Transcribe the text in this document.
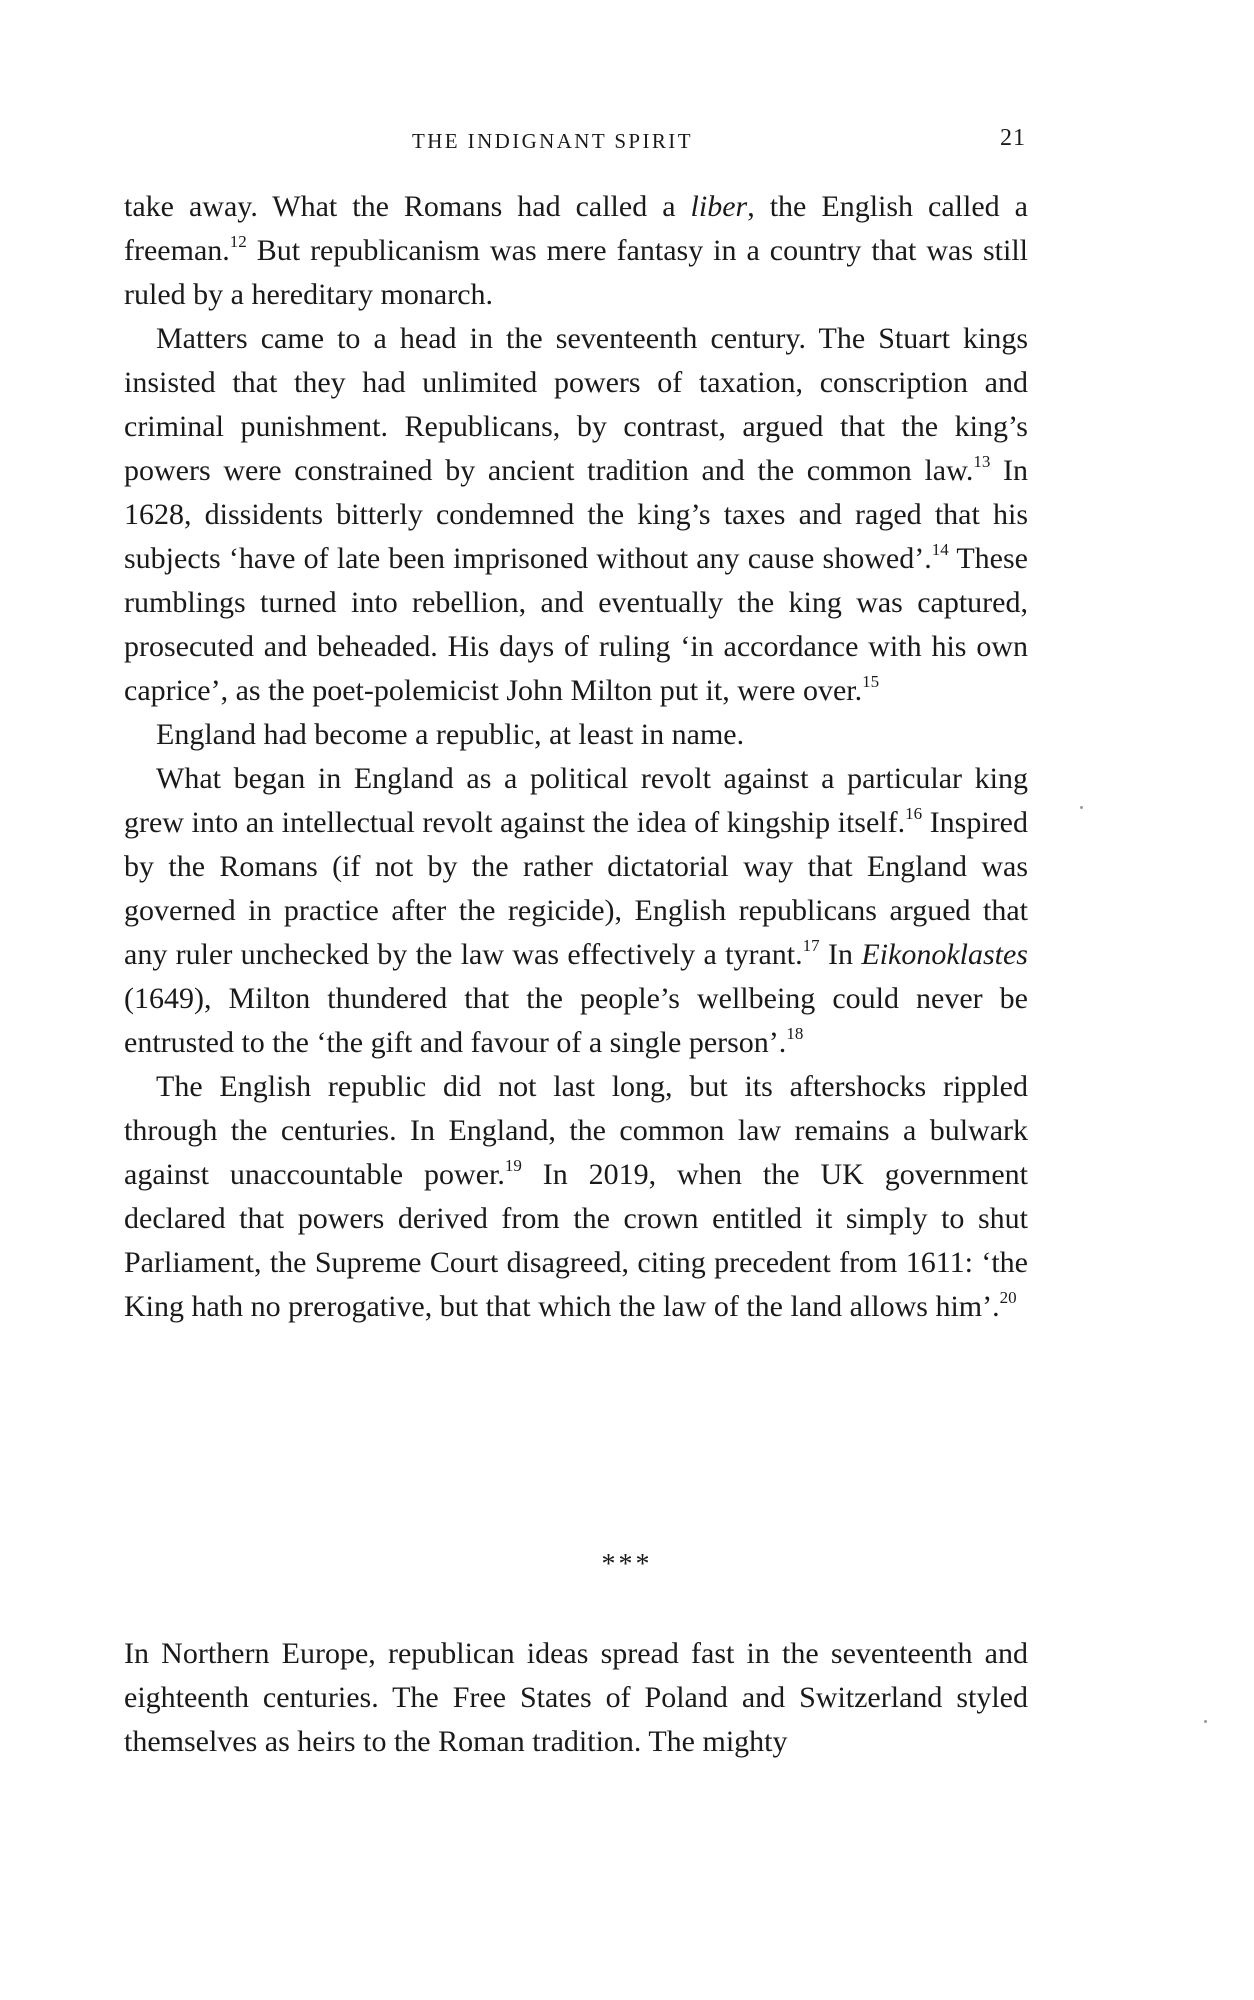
THE INDIGNANT SPIRIT	21

take away. What the Romans had called a liber, the English called a freeman.$^{12}$ But republicanism was mere fantasy in a country that was still ruled by a hereditary monarch.

Matters came to a head in the seventeenth century. The Stuart kings insisted that they had unlimited powers of taxation, conscription and criminal punishment. Republicans, by contrast, argued that the king’s powers were constrained by ancient tradition and the common law.$^{13}$ In 1628, dissidents bitterly condemned the king’s taxes and raged that his subjects ‘have of late been imprisoned without any cause showed’.$^{14}$ These rumblings turned into rebellion, and eventually the king was captured, prosecuted and beheaded. His days of ruling ‘in accordance with his own caprice’, as the poet-polemicist John Milton put it, were over.$^{15}$

England had become a republic, at least in name.

What began in England as a political revolt against a particular king grew into an intellectual revolt against the idea of kingship itself.$^{16}$ Inspired by the Romans (if not by the rather dictatorial way that England was governed in practice after the regicide), English republicans argued that any ruler unchecked by the law was effectively a tyrant.$^{17}$ In Eikonoklastes (1649), Milton thundered that the people’s wellbeing could never be entrusted to the ‘the gift and favour of a single person’.$^{18}$

The English republic did not last long, but its aftershocks rippled through the centuries. In England, the common law remains a bulwark against unaccountable power.$^{19}$ In 2019, when the UK government declared that powers derived from the crown entitled it simply to shut Parliament, the Supreme Court disagreed, citing precedent from 1611: ‘the King hath no prerogative, but that which the law of the land allows him’.$^{20}$

***

In Northern Europe, republican ideas spread fast in the seventeenth and eighteenth centuries. The Free States of Poland and Switzerland styled themselves as heirs to the Roman tradition. The mighty
